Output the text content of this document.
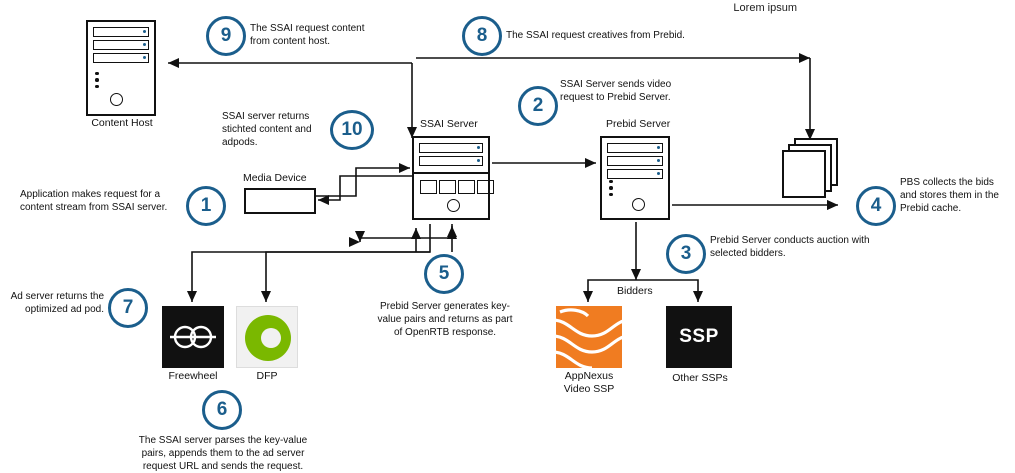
Lorem ipsum
Content Host	SSAI Server	Prebid Server
Media Device
Bidders
Freewheel	DFP	AppNexus
Video SSP
SSP
Other SSPs
9	The SSAI request content from content host.	8	The SSAI request creatives from Prebid.
2
SSAI Server sends video request to Prebid Server.
10
SSAI server returns stichted content and adpods.
1
Application makes request for a content stream from SSAI server.	4
PBS collects the bids and stores them in the Prebid cache.
3
Prebid Server conducts auction with selected bidders.
5
Prebid Server generates key-value pairs and returns as part of OpenRTB response.
7
Ad server returns the optimized ad pod.
6
The SSAI server parses the key-value pairs, appends them to the ad server request URL and sends the request.
